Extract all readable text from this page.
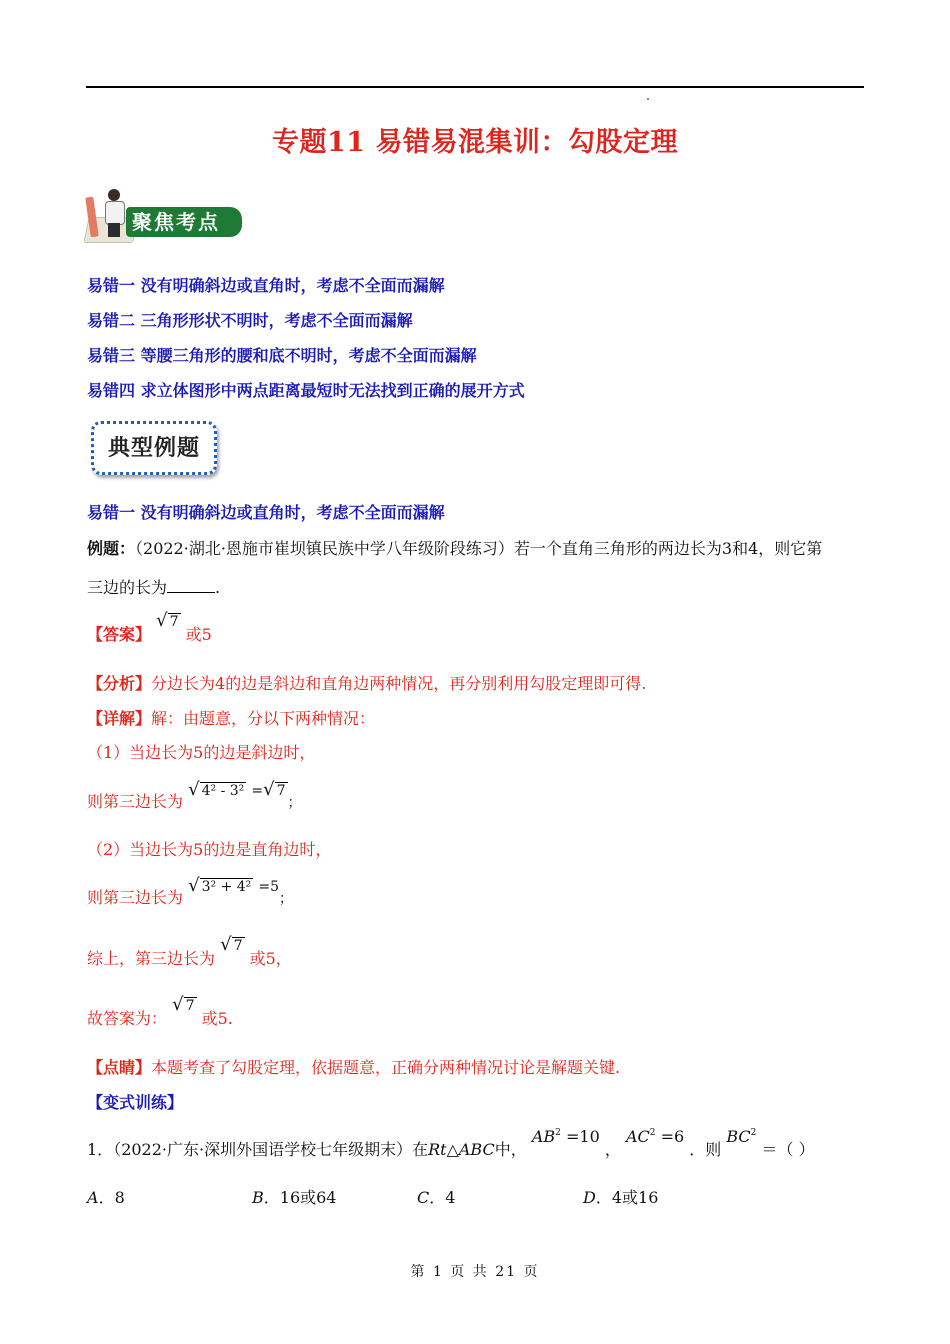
专题11 易错易混集训：勾股定理
聚焦考点
易错一 没有明确斜边或直角时，考虑不全面而漏解
易错二 三角形形状不明时，考虑不全面而漏解
易错三 等腰三角形的腰和底不明时，考虑不全面而漏解
易错四 求立体图形中两点距离最短时无法找到正确的展开方式
典型例题
易错一 没有明确斜边或直角时，考虑不全面而漏解
例题：（2022·湖北·恩施市崔坝镇民族中学八年级阶段练习）若一个直角三角形的两边长为3和4，则它第
三边的长为	.
【答案】 √ 7 或5
【分析】分边长为4的边是斜边和直角边两种情况，再分别利用勾股定理即可得.
【详解】解：由题意，分以下两种情况：
（1）当边长为5的边是斜边时，
则第三边长为 √ 4² - 3² =√ 7；
（2）当边长为5的边是直角边时，
则第三边长为 √ 3² + 4² =5；
综上，第三边长为 √ 7 或5，
故答案为： √ 7 或5.
【点睛】本题考查了勾股定理，依据题意，正确分两种情况讨论是解题关键.
【变式训练】
1．（2022·广东·深圳外国语学校七年级期末）在Rt△ABC中， $AB^2 =10$ ， $AC^2 =6$ ．则 $BC^2$ ＝（ ）
A．8	B．16或64	C．4	D．4或16
第 1 页 共 21 页
